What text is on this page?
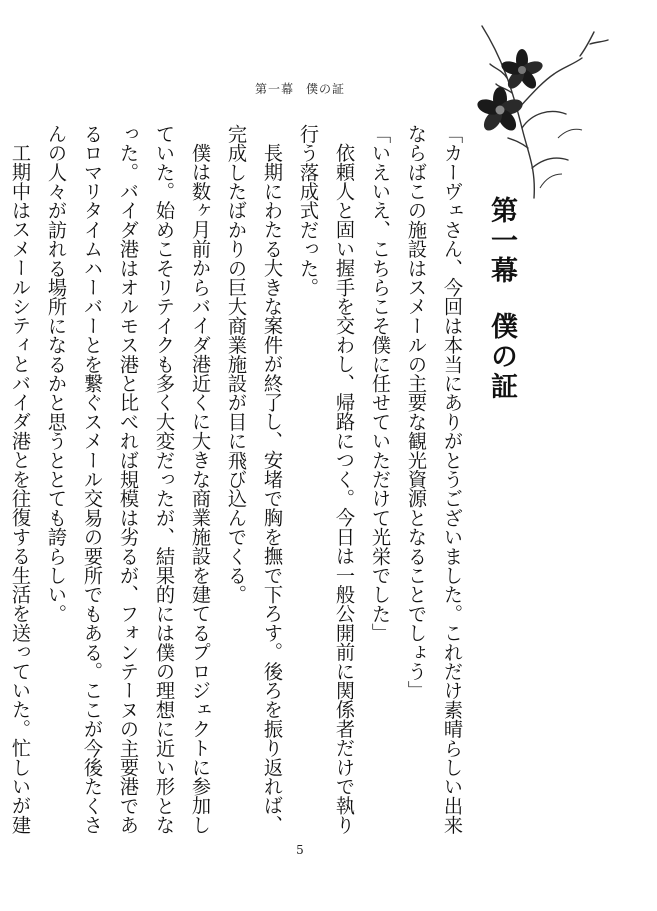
第一幕 僕の証
第一幕僕の証

「カーヴェさん、今回は本当にありがとうございました。これだけ素晴らしい出来ならばこの施設はスメールの主要な観光資源となることでしょう」

「いえいえ、こちらこそ僕に任せていただけて光栄でした」

依頼人と固い握手を交わし、帰路につく。今日は一般公開前に関係者だけで執り行う落成式だった。

長期にわたる大きな案件が終了し、安堵で胸を撫で下ろす。後ろを振り返れば、完成したばかりの巨大商業施設が目に飛び込んでくる。

僕は数ヶ月前からバイダ港近くに大きな商業施設を建てるプロジェクトに参加していた。始めこそリテイクも多く大変だったが、結果的には僕の理想に近い形となった。バイダ港はオルモス港と比べれば規模は劣るが、フォンテーヌの主要港であるロマリタイムハーバーとを繋ぐスメール交易の要所でもある。ここが今後たくさんの人々が訪れる場所になるかと思うととても誇らしい。

工期中はスメールシティとバイダ港とを往復する生活を送っていた。忙しいが建

5
